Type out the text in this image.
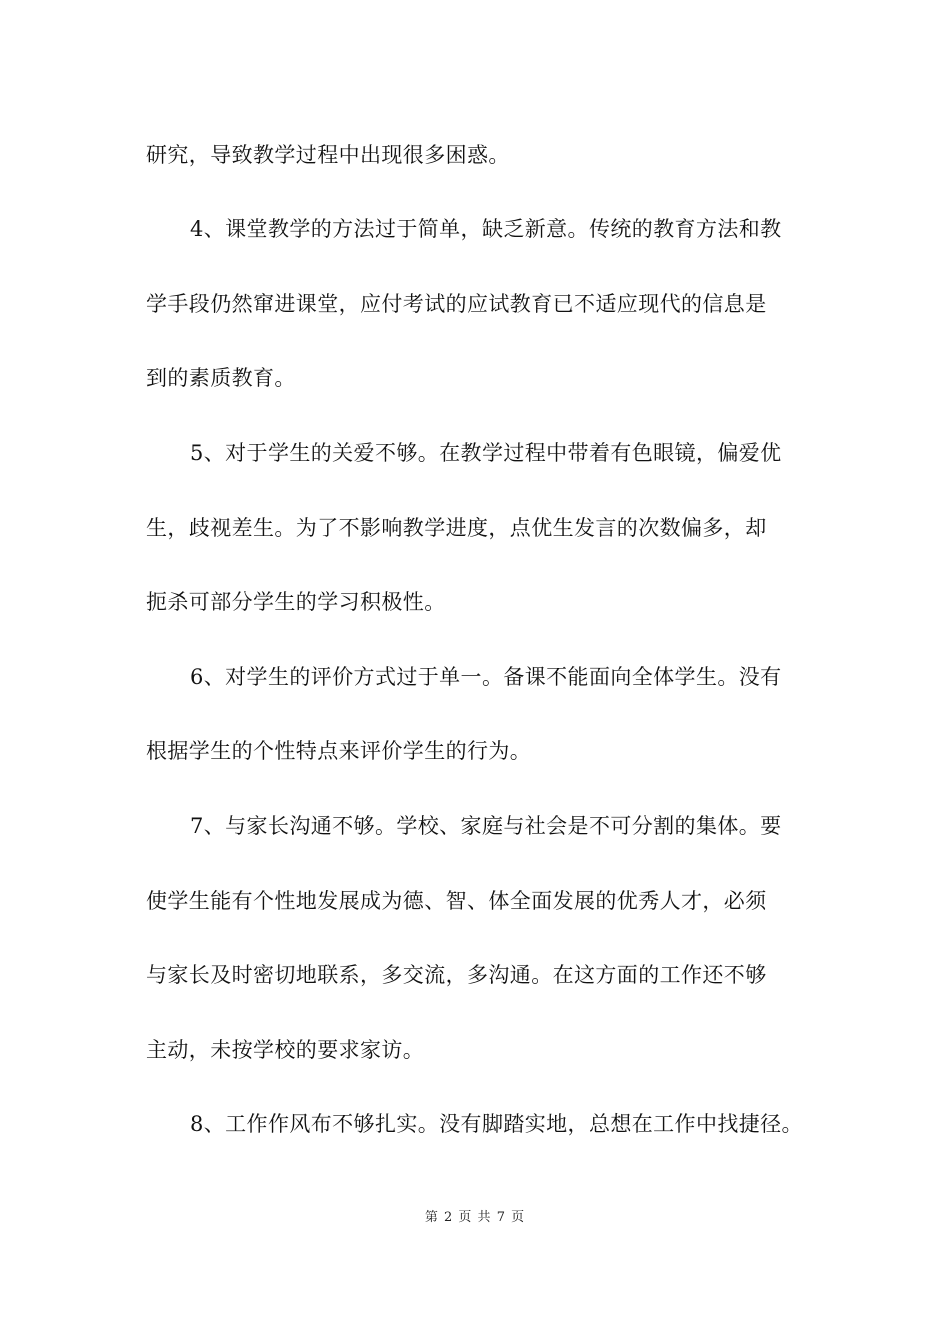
研究，导致教学过程中出现很多困惑。
4、课堂教学的方法过于简单，缺乏新意。传统的教育方法和教
学手段仍然窜进课堂，应付考试的应试教育已不适应现代的信息是
到的素质教育。
5、对于学生的关爱不够。在教学过程中带着有色眼镜，偏爱优
生，歧视差生。为了不影响教学进度，点优生发言的次数偏多，却
扼杀可部分学生的学习积极性。
6、对学生的评价方式过于单一。备课不能面向全体学生。没有
根据学生的个性特点来评价学生的行为。
7、与家长沟通不够。学校、家庭与社会是不可分割的集体。要
使学生能有个性地发展成为德、智、体全面发展的优秀人才，必须
与家长及时密切地联系，多交流，多沟通。在这方面的工作还不够
主动，未按学校的要求家访。
8、工作作风布不够扎实。没有脚踏实地，总想在工作中找捷径。
第 2 页 共 7 页
